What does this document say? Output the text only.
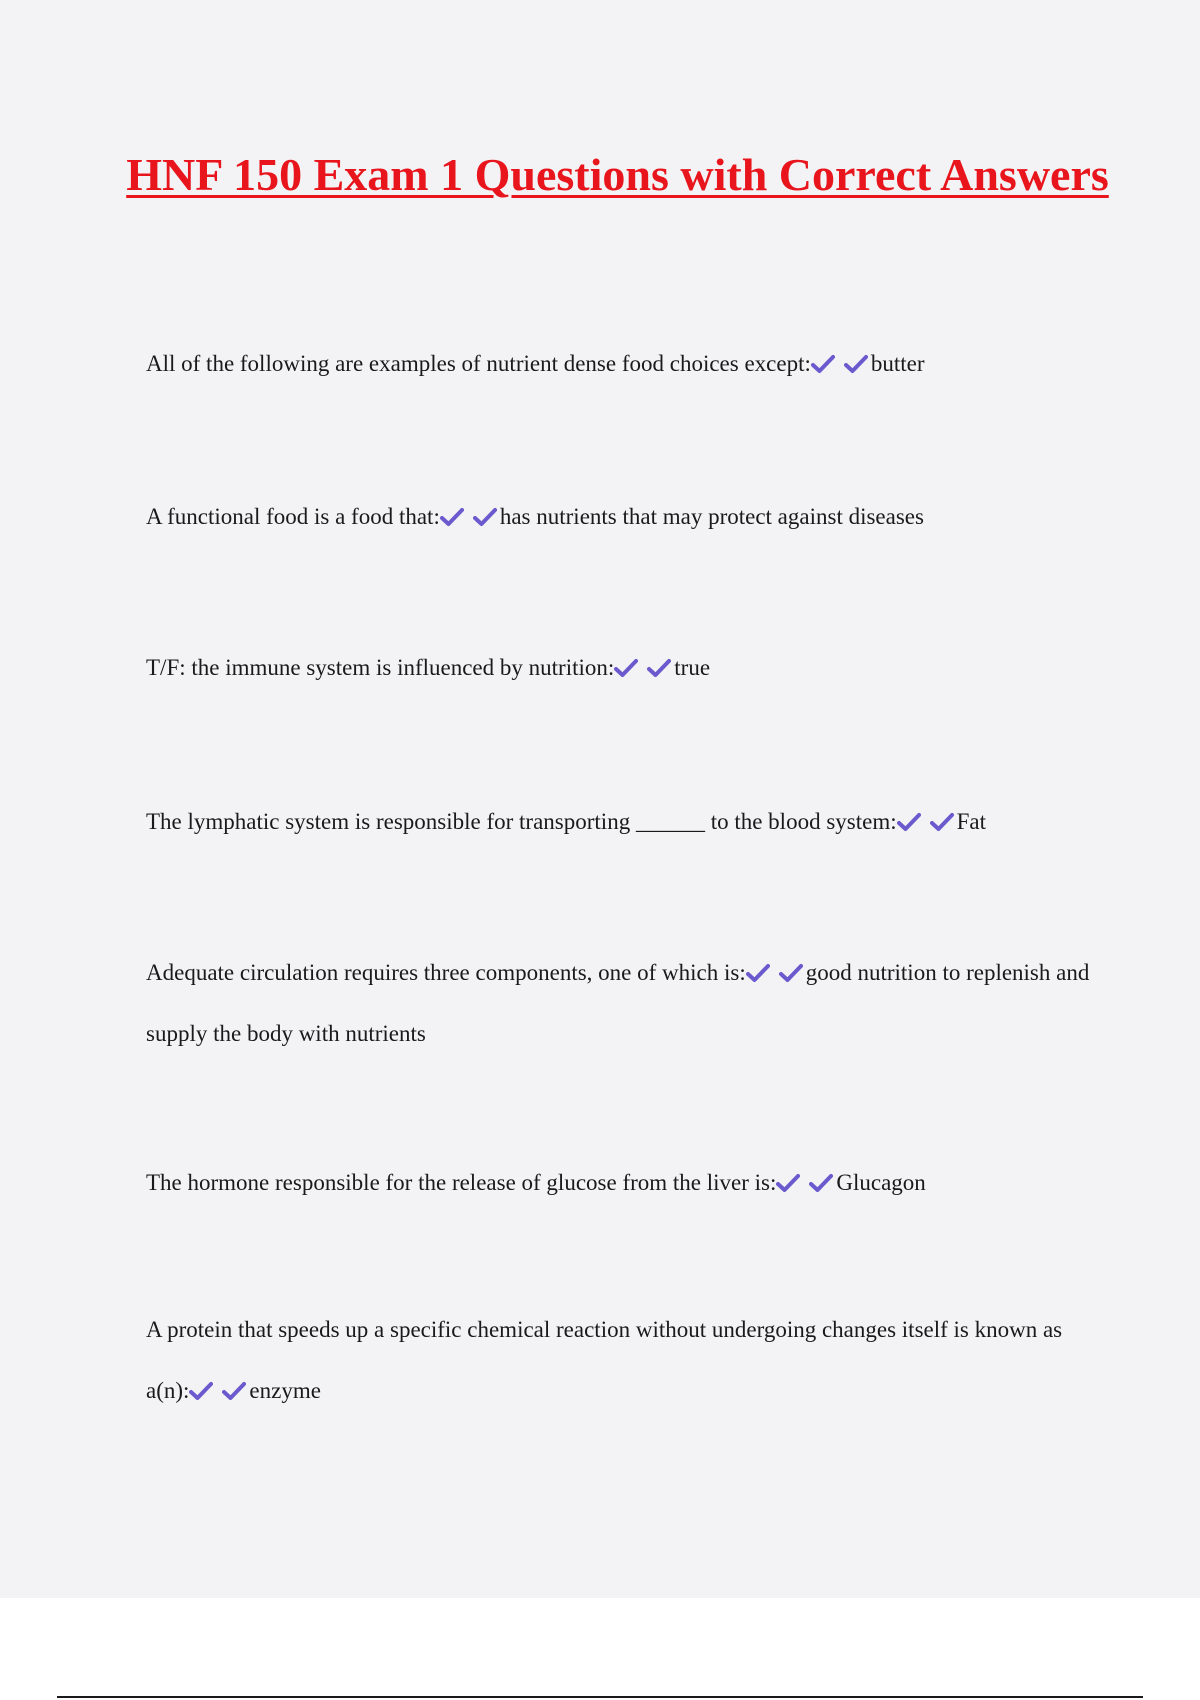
HNF 150 Exam 1 Questions with Correct Answers

All of the following are examples of nutrient dense food choices except:	butter

A functional food is a food that:	has nutrients that may protect against diseases

T/F: the immune system is influenced by nutrition:	true

The lymphatic system is responsible for transporting ______ to the blood system:	Fat

Adequate circulation requires three components, one of which is:	good nutrition to replenish and supply the body with nutrients

The hormone responsible for the release of glucose from the liver is:	Glucagon

A protein that speeds up a specific chemical reaction without undergoing changes itself is known as a(n):	enzyme
